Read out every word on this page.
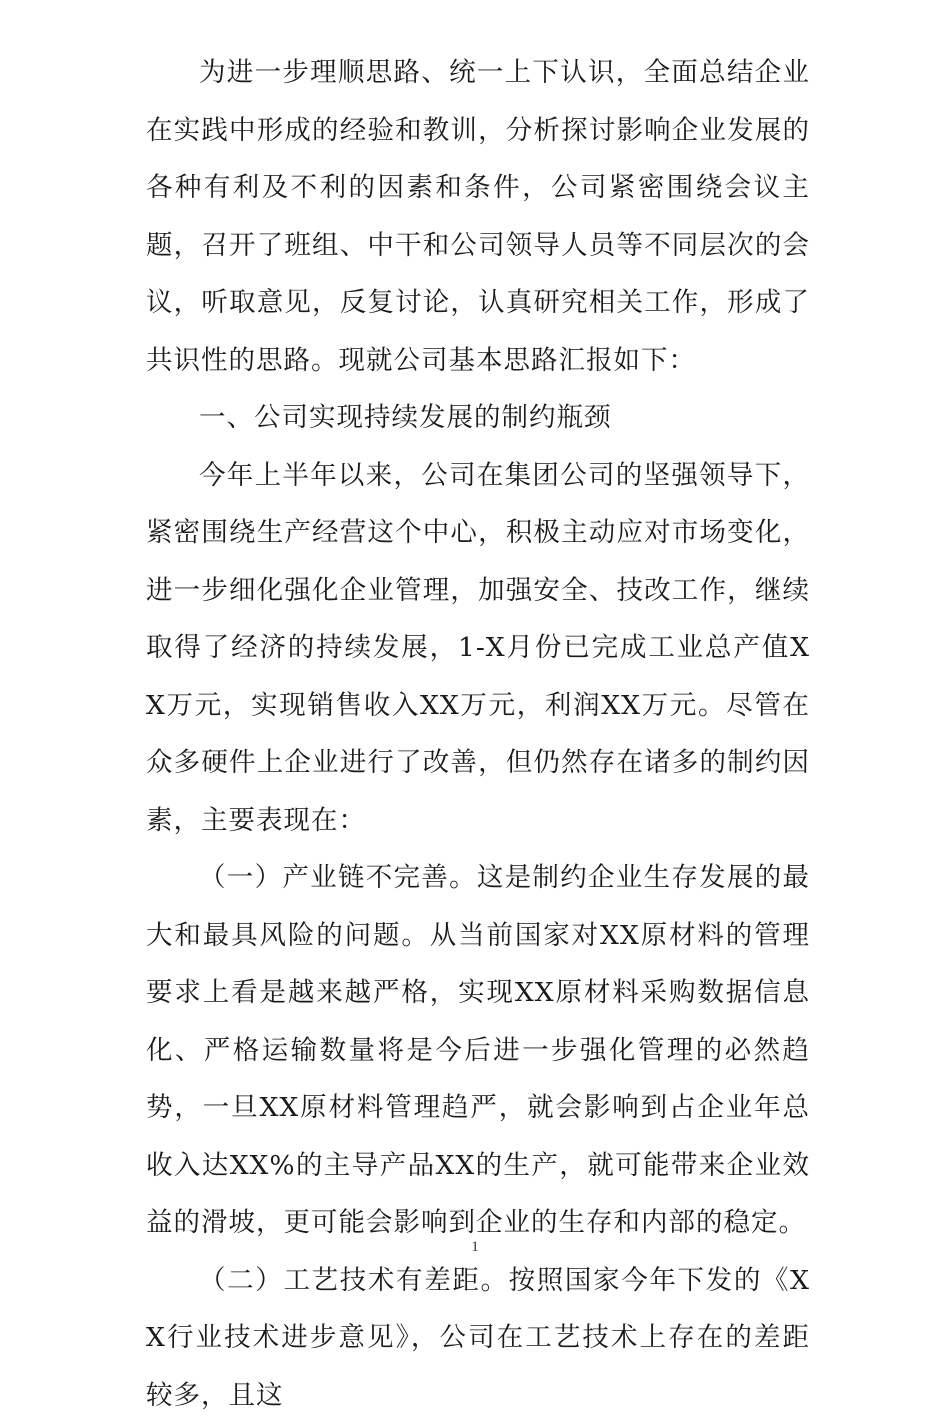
为进一步理顺思路、统一上下认识，全面总结企业在实践中形成的经验和教训，分析探讨影响企业发展的各种有利及不利的因素和条件，公司紧密围绕会议主题，召开了班组、中干和公司领导人员等不同层次的会议，听取意见，反复讨论，认真研究相关工作，形成了共识性的思路。现就公司基本思路汇报如下：

一、公司实现持续发展的制约瓶颈

今年上半年以来，公司在集团公司的坚强领导下，紧密围绕生产经营这个中心，积极主动应对市场变化，进一步细化强化企业管理，加强安全、技改工作，继续取得了经济的持续发展，1-X月份已完成工业总产值XX万元，实现销售收入XX万元，利润XX万元。尽管在众多硬件上企业进行了改善，但仍然存在诸多的制约因素，主要表现在：

（一）产业链不完善。这是制约企业生存发展的最大和最具风险的问题。从当前国家对XX原材料的管理要求上看是越来越严格，实现XX原材料采购数据信息化、严格运输数量将是今后进一步强化管理的必然趋势，一旦XX原材料管理趋严，就会影响到占企业年总收入达XX%的主导产品XX的生产，就可能带来企业效益的滑坡，更可能会影响到企业的生存和内部的稳定。

（二）工艺技术有差距。按照国家今年下发的《XX行业技术进步意见》，公司在工艺技术上存在的差距较多，且这

1
